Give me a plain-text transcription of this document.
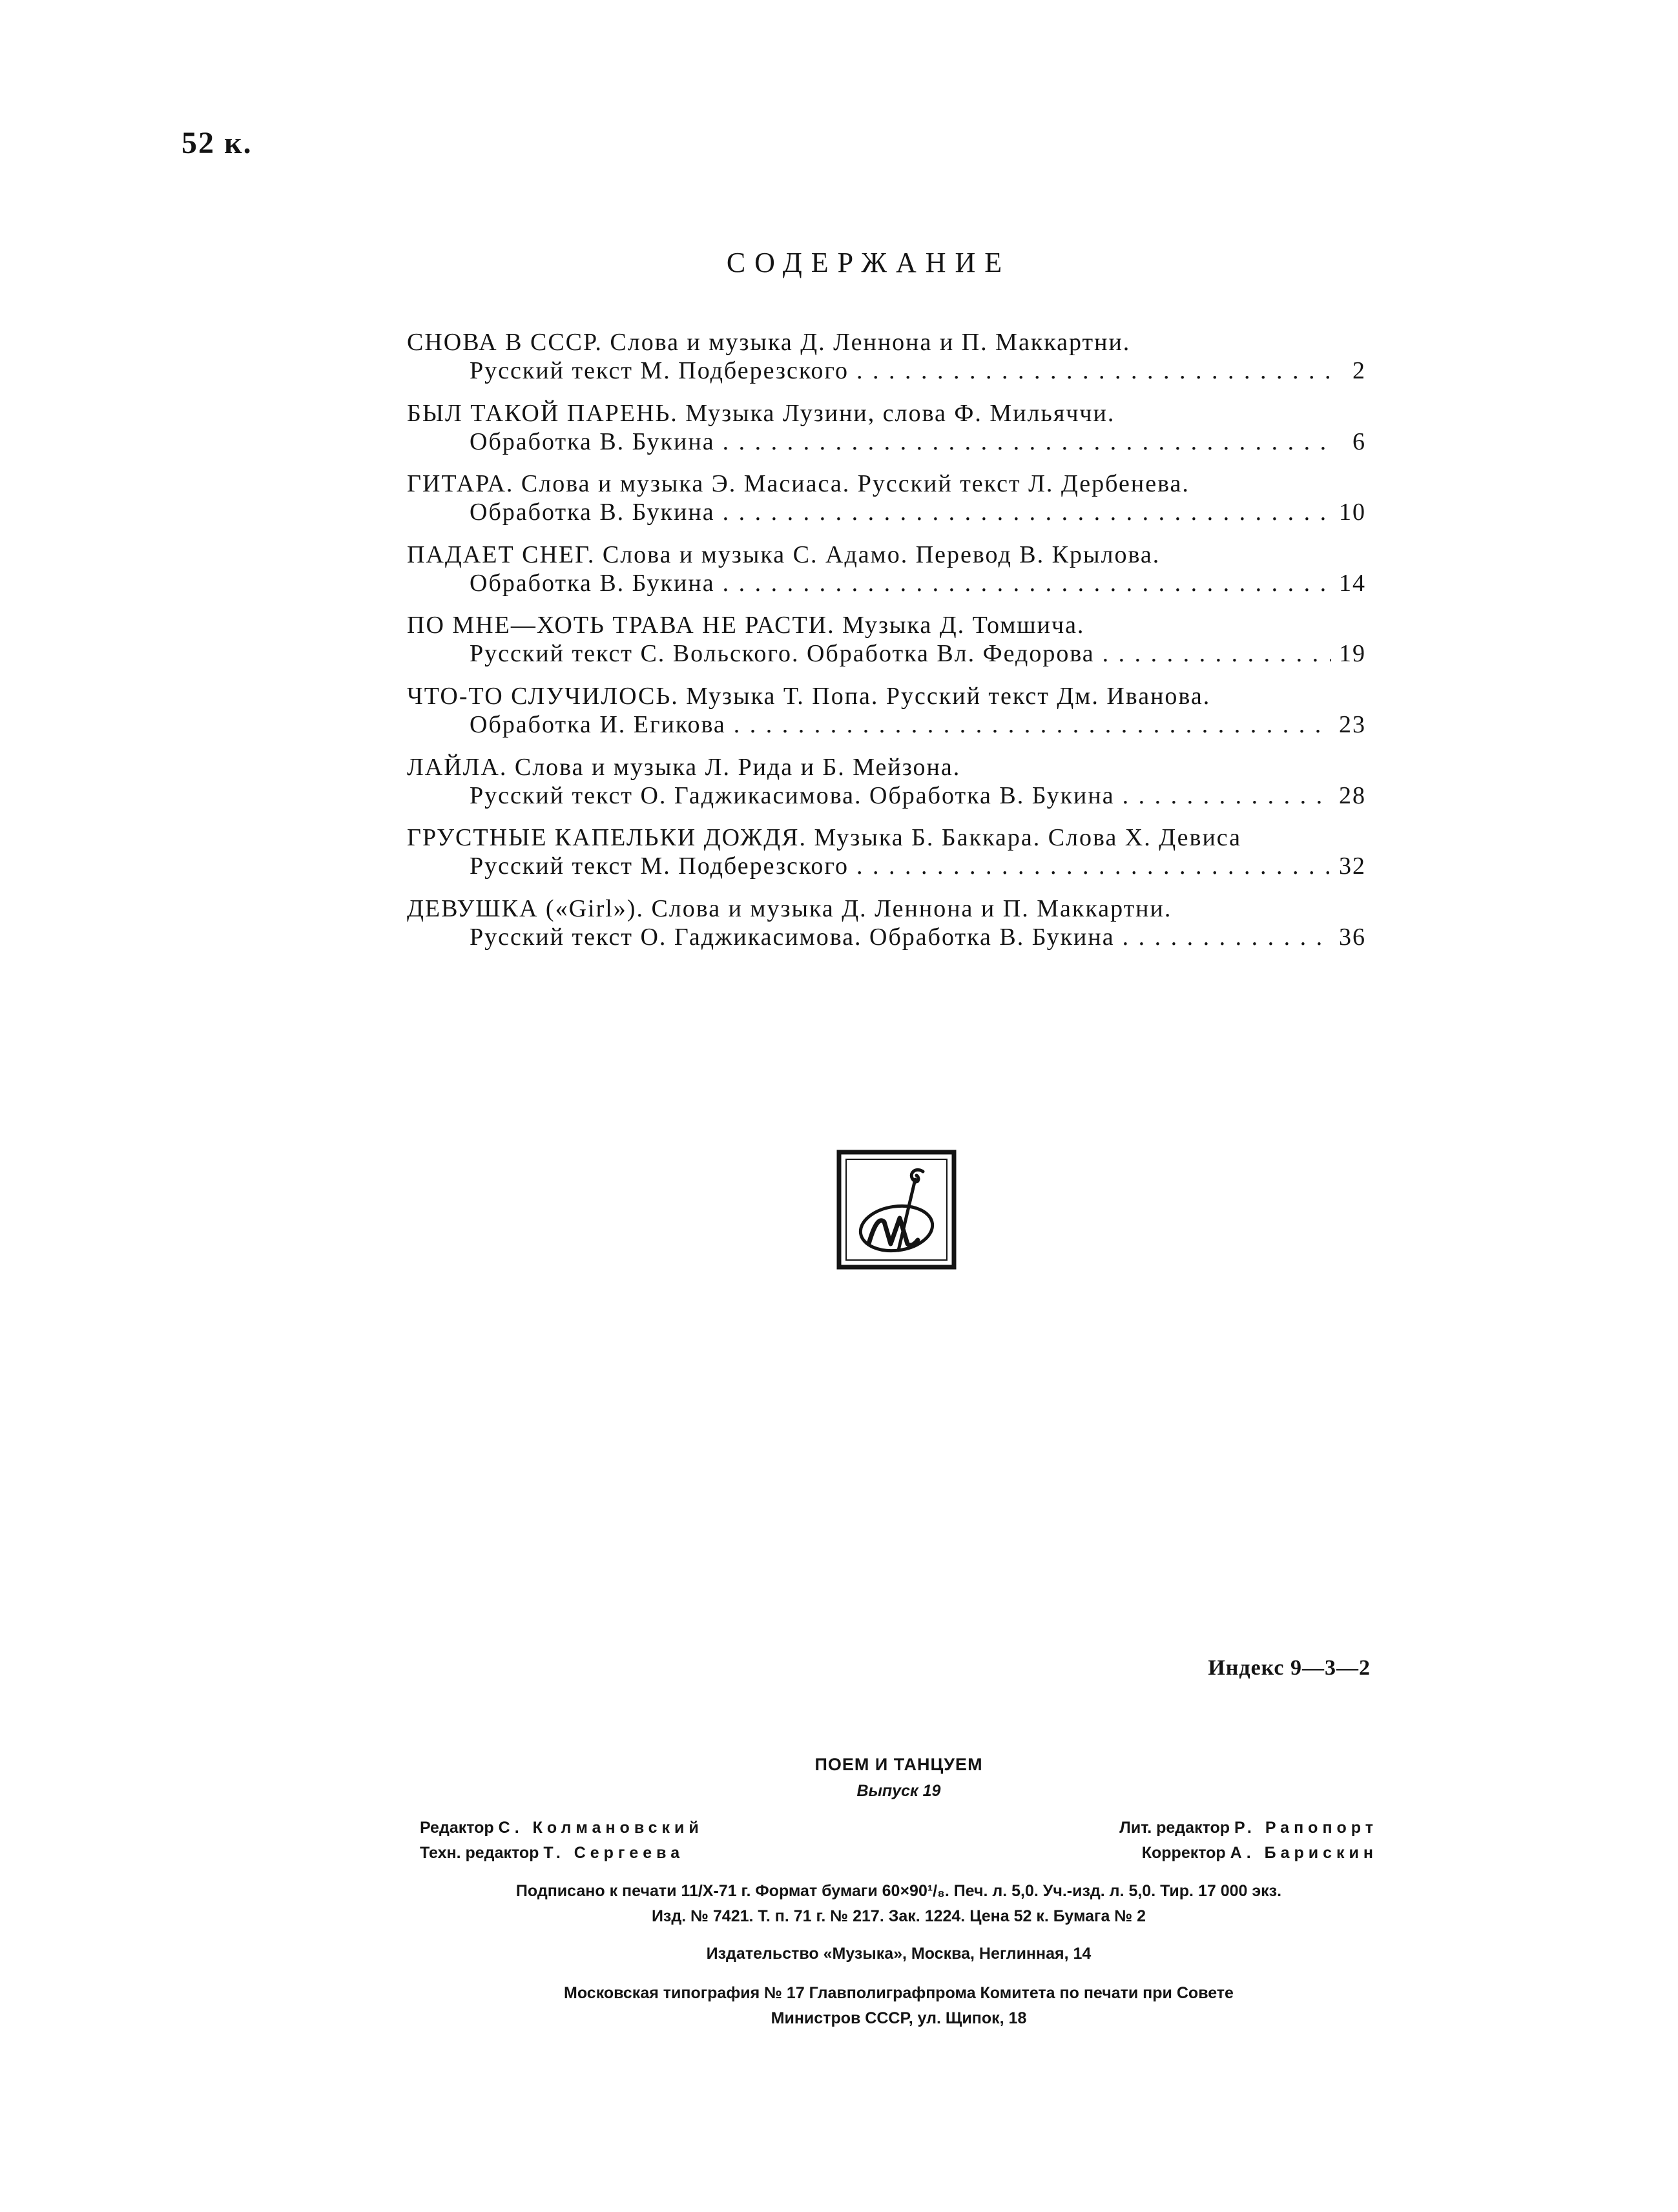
52 к.
СОДЕРЖАНИЕ
СНОВА В СССР. Слова и музыка Д. Леннона и П. Маккартни.
Русский текст М. Подберезского . . .	2
БЫЛ ТАКОЙ ПАРЕНЬ. Музыка Лузини, слова Ф. Мильяччи.
Обработка В. Букина . . .	6
ГИТАРА. Слова и музыка Э. Масиаса. Русский текст Л. Дербенева.
Обработка В. Букина . . .	10
ПАДАЕТ СНЕГ. Слова и музыка С. Адамо. Перевод В. Крылова.
Обработка В. Букина . . .	14
ПО МНЕ—ХОТЬ ТРАВА НЕ РАСТИ. Музыка Д. Томшича.
Русский текст С. Вольского. Обработка Вл. Федорова . . .	19
ЧТО-ТО СЛУЧИЛОСЬ. Музыка Т. Попа. Русский текст Дм. Иванова.
Обработка И. Егикова . . .	23
ЛАЙЛА. Слова и музыка Л. Рида и Б. Мейзона.
Русский текст О. Гаджикасимова. Обработка В. Букина . . .	28
ГРУСТНЫЕ КАПЕЛЬКИ ДОЖДЯ. Музыка Б. Баккара. Слова Х. Девиса
Русский текст М. Подберезского . . .	32
ДЕВУШКА («Girl»). Слова и музыка Д. Леннона и П. Маккартни.
Русский текст О. Гаджикасимова. Обработка В. Букина . . .	36
Индекс 9—3—2
ПОЕМ И ТАНЦУЕМ
Выпуск 19
Редактор С. Колмановский
Техн. редактор Т. Сергеева
Лит. редактор Р. Рапопорт
Корректор А. Барискин
Подписано к печати 11/X-71 г. Формат бумаги 60×90¹/₈. Печ. л. 5,0. Уч.-изд. л. 5,0. Тир. 17 000 экз.
Изд. № 7421. Т. п. 71 г. № 217. Зак. 1224. Цена 52 к. Бумага № 2
Издательство «Музыка», Москва, Неглинная, 14
Московская типография № 17 Главполиграфпрома Комитета по печати при Совете
Министров СССР, ул. Щипок, 18
